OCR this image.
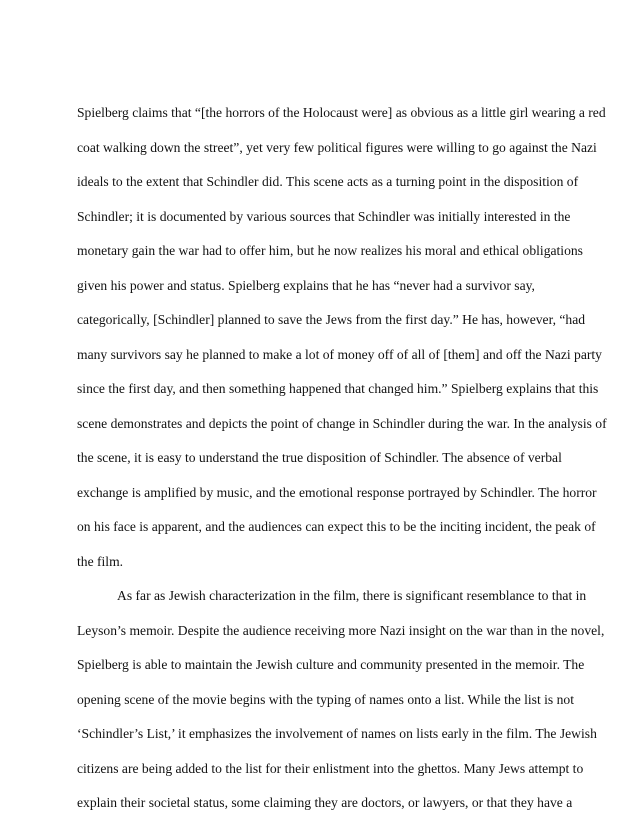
Spielberg claims that “[the horrors of the Holocaust were] as obvious as a little girl wearing a red
coat walking down the street”, yet very few political figures were willing to go against the Nazi
ideals to the extent that Schindler did. This scene acts as a turning point in the disposition of
Schindler; it is documented by various sources that Schindler was initially interested in the
monetary gain the war had to offer him, but he now realizes his moral and ethical obligations
given his power and status. Spielberg explains that he has “never had a survivor say,
categorically, [Schindler] planned to save the Jews from the first day.” He has, however, “had
many survivors say he planned to make a lot of money off of all of [them] and off the Nazi party
since the first day, and then something happened that changed him.” Spielberg explains that this
scene demonstrates and depicts the point of change in Schindler during the war. In the analysis of
the scene, it is easy to understand the true disposition of Schindler. The absence of verbal
exchange is amplified by music, and the emotional response portrayed by Schindler. The horror
on his face is apparent, and the audiences can expect this to be the inciting incident, the peak of
the film.
As far as Jewish characterization in the film, there is significant resemblance to that in
Leyson’s memoir. Despite the audience receiving more Nazi insight on the war than in the novel,
Spielberg is able to maintain the Jewish culture and community presented in the memoir. The
opening scene of the movie begins with the typing of names onto a list. While the list is not
‘Schindler’s List,’ it emphasizes the involvement of names on lists early in the film. The Jewish
citizens are being added to the list for their enlistment into the ghettos. Many Jews attempt to
explain their societal status, some claiming they are doctors, or lawyers, or that they have a
